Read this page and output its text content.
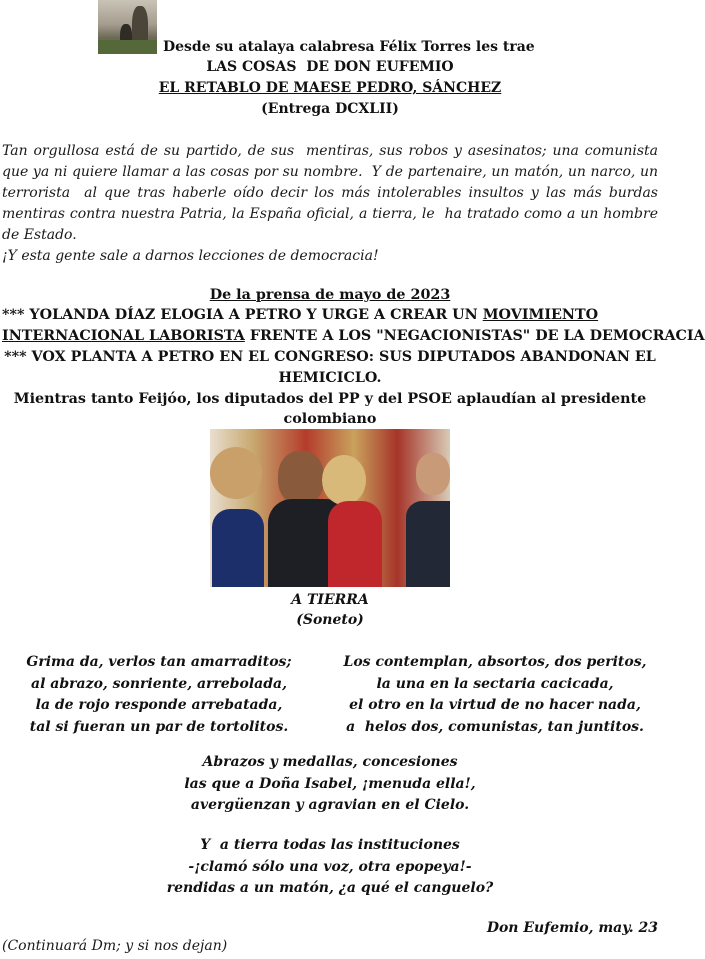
Desde su atalaya calabresa Félix Torres les trae
LAS COSAS  DE DON EUFEMIO
EL RETABLO DE MAESE PEDRO, SÁNCHEZ
(Entrega DCXLII)

Tan orgullosa está de su partido, de sus  mentiras, sus robos y asesinatos; una comunista  que ya ni quiere llamar a las cosas por su nombre.  Y de partenaire, un matón, un narco, un terrorista  al que tras haberle oído decir los más intolerables insultos y las más burdas mentiras contra nuestra Patria, la España oficial, a tierra, le  ha tratado como a un hombre de Estado.

¡Y esta gente sale a darnos lecciones de democracia!

De la prensa de mayo de 2023
*** YOLANDA DÍAZ ELOGIA A PETRO Y URGE A CREAR UN MOVIMIENTO
INTERNACIONAL LABORISTA FRENTE A LOS "NEGACIONISTAS" DE LA DEMOCRACIA
*** VOX PLANTA A PETRO EN EL CONGRESO: SUS DIPUTADOS ABANDONAN EL
HEMICICLO.
Mientras tanto Feijóo, los diputados del PP y del PSOE aplaudían al presidente
colombiano
A TIERRA
(Soneto)
Grima da, verlos tan amarraditos;
al abrazo, sonriente, arrebolada,
la de rojo responde arrebatada,
tal si fueran un par de tortolitos.
Los contemplan, absortos, dos peritos,
la una en la sectaria cacicada,
el otro en la virtud de no hacer nada,
a  helos dos, comunistas, tan juntitos.
Abrazos y medallas, concesiones
las que a Doña Isabel, ¡menuda ella!,
avergüenzan y agravian en el Cielo.
Y  a tierra todas las instituciones
-¡clamó sólo una voz, otra epopeya!-
rendidas a un matón, ¿a qué el canguelo?
Don Eufemio, may. 23
(Continuará Dm; y si nos dejan)
